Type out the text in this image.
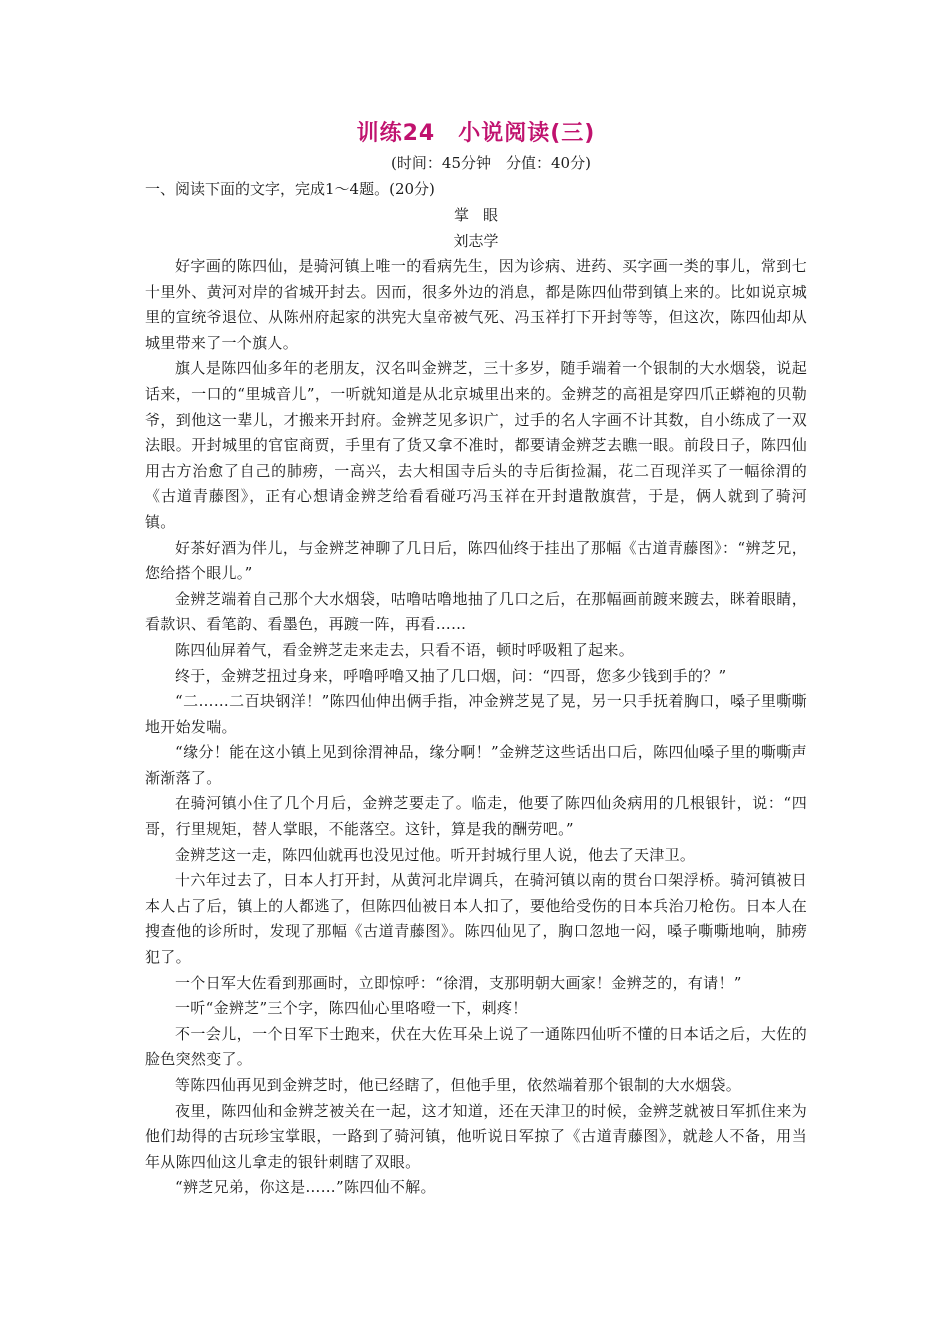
训练24　小说阅读(三)
(时间：45分钟　分值：40分)
一、阅读下面的文字，完成1～4题。(20分)
掌眼
刘志学

好字画的陈四仙，是骑河镇上唯一的看病先生，因为诊病、进药、买字画一类的事儿，常到七十里外、黄河对岸的省城开封去。因而，很多外边的消息，都是陈四仙带到镇上来的。比如说京城里的宣统爷退位、从陈州府起家的洪宪大皇帝被气死、冯玉祥打下开封等等，但这次，陈四仙却从城里带来了一个旗人。

旗人是陈四仙多年的老朋友，汉名叫金辨芝，三十多岁，随手端着一个银制的大水烟袋，说起话来，一口的“里城音儿”，一听就知道是从北京城里出来的。金辨芝的高祖是穿四爪正蟒袍的贝勒爷，到他这一辈儿，才搬来开封府。金辨芝见多识广，过手的名人字画不计其数，自小练成了一双法眼。开封城里的官宦商贾，手里有了货又拿不准时，都要请金辨芝去瞧一眼。前段日子，陈四仙用古方治愈了自己的肺痨，一高兴，去大相国寺后头的寺后街捡漏，花二百现洋买了一幅徐渭的《古道青藤图》，正有心想请金辨芝给看看碰巧冯玉祥在开封遣散旗营，于是，俩人就到了骑河镇。

好茶好酒为伴儿，与金辨芝神聊了几日后，陈四仙终于挂出了那幅《古道青藤图》：“辨芝兄，您给搭个眼儿。”

金辨芝端着自己那个大水烟袋，咕噜咕噜地抽了几口之后，在那幅画前踱来踱去，眯着眼睛，看款识、看笔韵、看墨色，再踱一阵，再看……

陈四仙屏着气，看金辨芝走来走去，只看不语，顿时呼吸粗了起来。

终于，金辨芝扭过身来，呼噜呼噜又抽了几口烟，问：“四哥，您多少钱到手的？”

“二……二百块钢洋！”陈四仙伸出俩手指，冲金辨芝晃了晃，另一只手抚着胸口，嗓子里嘶嘶地开始发喘。

“缘分！能在这小镇上见到徐渭神品，缘分啊！”金辨芝这些话出口后，陈四仙嗓子里的嘶嘶声渐渐落了。

在骑河镇小住了几个月后，金辨芝要走了。临走，他要了陈四仙灸病用的几根银针，说：“四哥，行里规矩，替人掌眼，不能落空。这针，算是我的酬劳吧。”

金辨芝这一走，陈四仙就再也没见过他。听开封城行里人说，他去了天津卫。

十六年过去了，日本人打开封，从黄河北岸调兵，在骑河镇以南的贯台口架浮桥。骑河镇被日本人占了后，镇上的人都逃了，但陈四仙被日本人扣了，要他给受伤的日本兵治刀枪伤。日本人在搜查他的诊所时，发现了那幅《古道青藤图》。陈四仙见了，胸口忽地一闷，嗓子嘶嘶地响，肺痨犯了。

一个日军大佐看到那画时，立即惊呼：“徐渭，支那明朝大画家！金辨芝的，有请！”

一听“金辨芝”三个字，陈四仙心里咯噔一下，刺疼！

不一会儿，一个日军下士跑来，伏在大佐耳朵上说了一通陈四仙听不懂的日本话之后，大佐的脸色突然变了。

等陈四仙再见到金辨芝时，他已经瞎了，但他手里，依然端着那个银制的大水烟袋。

夜里，陈四仙和金辨芝被关在一起，这才知道，还在天津卫的时候，金辨芝就被日军抓住来为他们劫得的古玩珍宝掌眼，一路到了骑河镇，他听说日军掠了《古道青藤图》，就趁人不备，用当年从陈四仙这儿拿走的银针刺瞎了双眼。

“辨芝兄弟，你这是……”陈四仙不解。
